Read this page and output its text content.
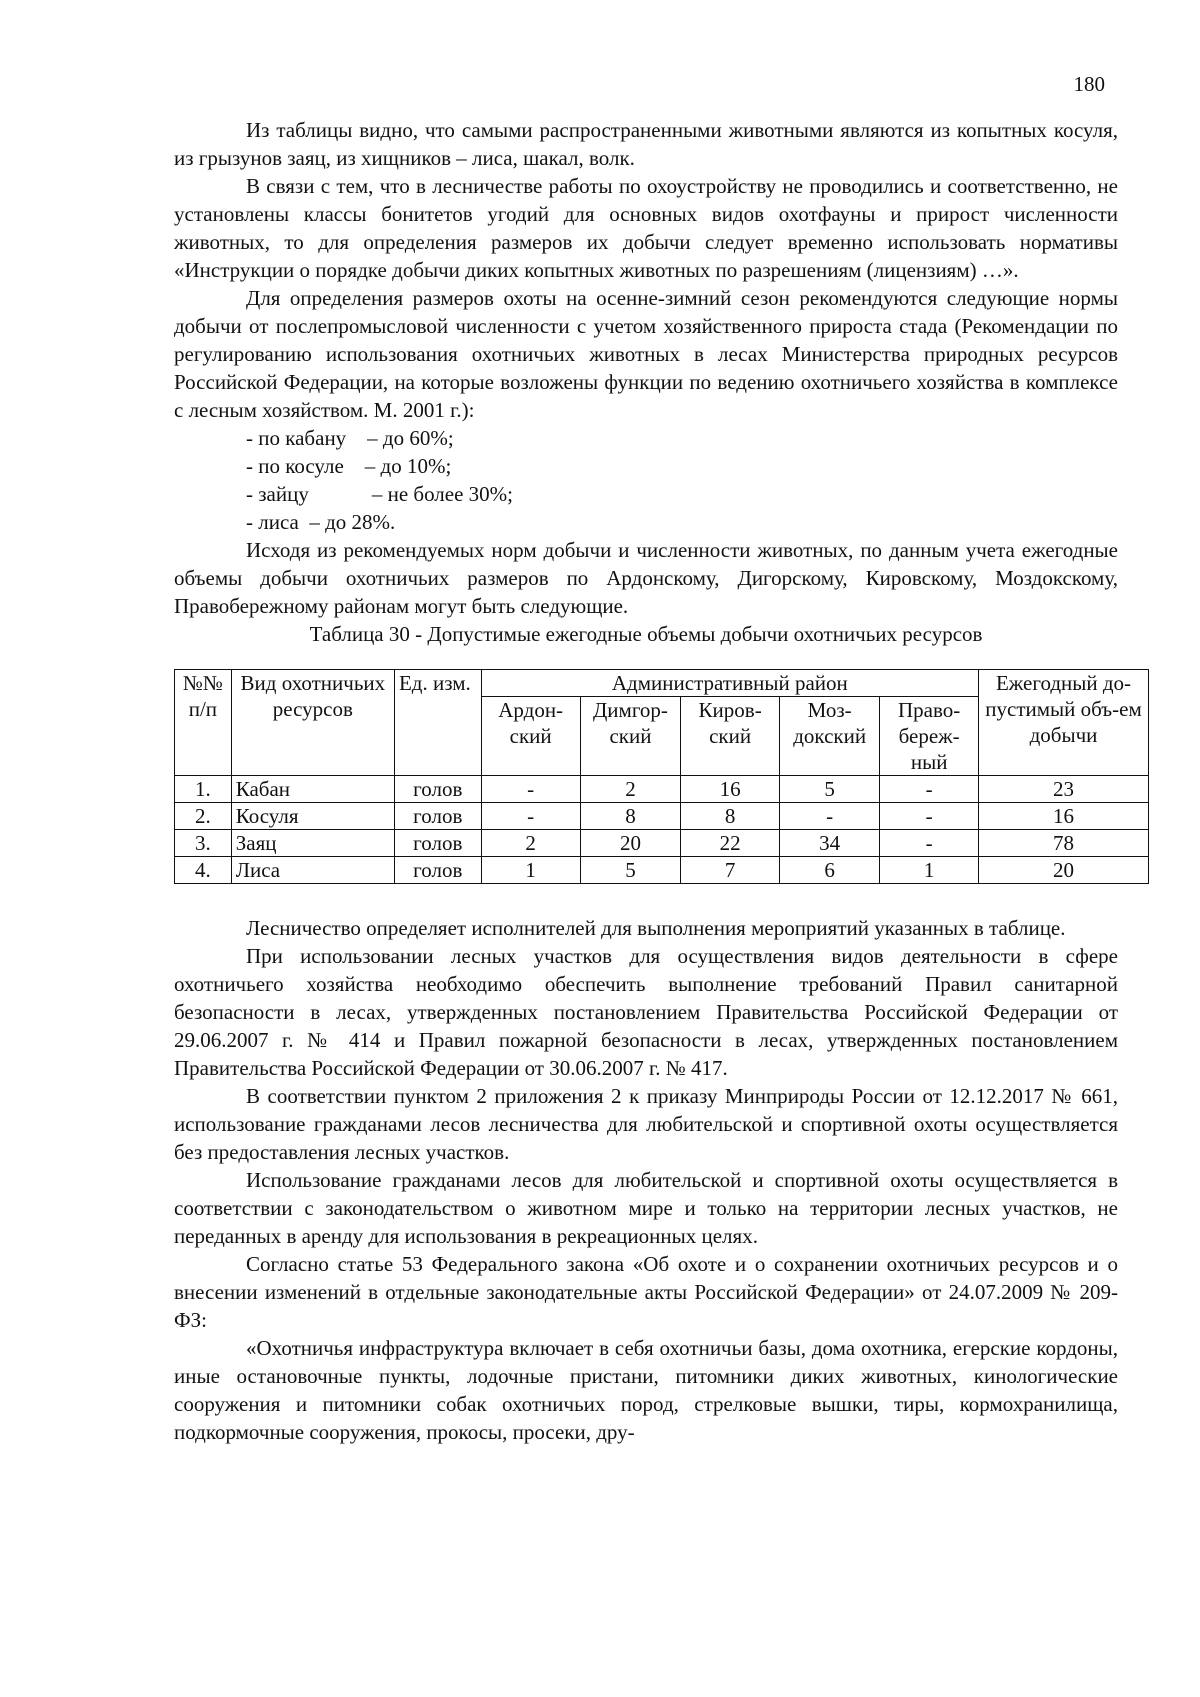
180

Из таблицы видно, что самыми распространенными животными являются из копытных косуля, из грызунов заяц, из хищников – лиса, шакал, волк.

В связи с тем, что в лесничестве работы по охоустройству не проводились и соответственно, не установлены классы бонитетов угодий для основных видов охотфауны и прирост численности животных, то для определения размеров их добычи следует временно использовать нормативы «Инструкции о порядке добычи диких копытных животных по разрешениям (лицензиям) …».

Для определения размеров охоты на осенне-зимний сезон рекомендуются следующие нормы добычи от послепромысловой численности с учетом хозяйственного прироста стада (Рекомендации по регулированию использования охотничьих животных в лесах Министерства природных ресурсов Российской Федерации, на которые возложены функции по ведению охотничьего хозяйства в комплексе с лесным хозяйством. М. 2001 г.):

- по кабану    – до 60%;
- по косуле    – до 10%;
- зайцу            – не более 30%;
- лиса  – до 28%.

Исходя из рекомендуемых норм добычи и численности животных, по данным учета ежегодные объемы добычи охотничьих размеров по Ардонскому, Дигорскому, Кировскому, Моздокскому, Правобережному районам могут быть следующие.

Таблица 30 - Допустимые ежегодные объемы добычи охотничьих ресурсов
№№ п/п	Вид охотничьих ресурсов	Ед. изм.	Административный район					Ежегодный до-пустимый объ-ем добычи
			Ардон-ский	Димгор-ский	Киров-ский	Моз-докский	Право-береж-ный	
1.	Кабан	голов	-	2	16	5	-	23
2.	Косуля	голов	-	8	8	-	-	16
3.	Заяц	голов	2	20	22	34	-	78
4.	Лиса	голов	1	5	7	6	1	20

Лесничество определяет исполнителей для выполнения мероприятий указанных в таблице.

При использовании лесных участков для осуществления видов деятельности в сфере охотничьего хозяйства необходимо обеспечить выполнение требований Правил санитарной безопасности в лесах, утвержденных постановлением Правительства Российской Федерации от 29.06.2007 г. № 414 и Правил пожарной безопасности в лесах, утвержденных постановлением Правительства Российской Федерации от 30.06.2007 г. № 417.

В соответствии пунктом 2 приложения 2 к приказу Минприроды России от 12.12.2017 № 661, использование гражданами лесов лесничества для любительской и спортивной охоты осуществляется без предоставления лесных участков.

Использование гражданами лесов для любительской и спортивной охоты осуществляется в соответствии с законодательством о животном мире и только на территории лесных участков, не переданных в аренду для использования в рекреационных целях.

Согласно статье 53 Федерального закона «Об охоте и о сохранении охотничьих ресурсов и о внесении изменений в отдельные законодательные акты Российской Федерации» от 24.07.2009 № 209-ФЗ:

«Охотничья инфраструктура включает в себя охотничьи базы, дома охотника, егерские кордоны, иные остановочные пункты, лодочные пристани, питомники диких животных, кинологические сооружения и питомники собак охотничьих пород, стрелковые вышки, тиры, кормохранилища, подкормочные сооружения, прокосы, просеки, дру-
